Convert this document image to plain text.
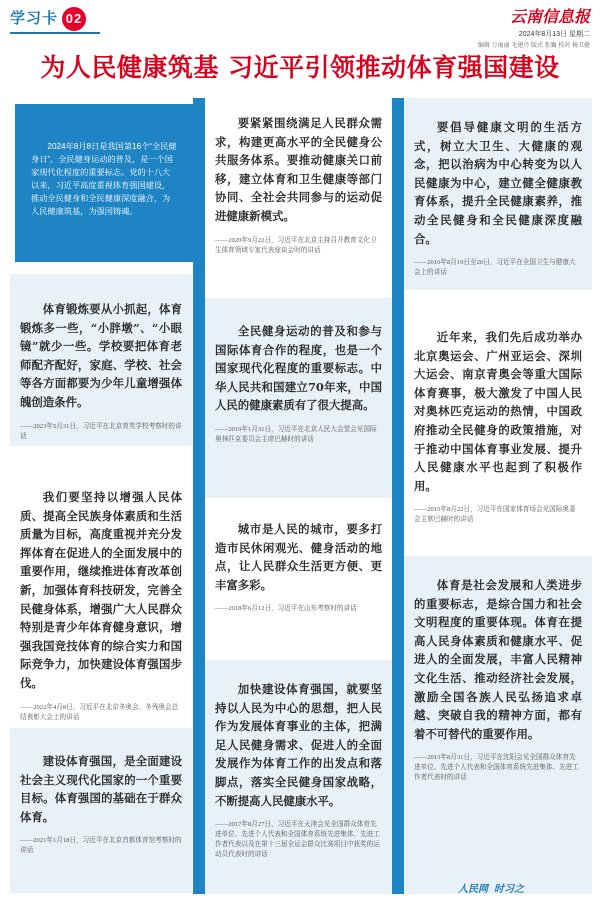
学习卡 02	云南信息报
2024年8月13日 星期二
编辑 万丽丽 毛建丹 版式 张巍 校对 杨卫健
为人民健康筑基 习近平引领推动体育强国建设
2024年8月8日是我国第16个“全民健身日”。全民健身运动的普及，是一个国家现代化程度的重要标志。党的十八大以来，习近平高度重视体育强国建设，推动全民健身和全民健康深度融合，为人民健康筑基，为强国铸魂。

体育锻炼要从小抓起，体育锻炼多一些，“小胖墩”、“小眼镜”就少一些。学校要把体育老师配齐配好，家庭、学校、社会等各方面都要为少年儿童增强体魄创造条件。

——2023年5月31日，习近平在北京育英学校考察时的讲话

我们要坚持以增强人民体质、提高全民族身体素质和生活质量为目标，高度重视并充分发挥体育在促进人的全面发展中的重要作用，继续推进体育改革创新，加强体育科技研发，完善全民健身体系，增强广大人民群众特别是青少年体育健身意识，增强我国竞技体育的综合实力和国际竞争力，加快建设体育强国步伐。

——2022年4月8日，习近平在北京冬奥会、冬残奥会总结表彰大会上的讲话

建设体育强国，是全面建设社会主义现代化国家的一个重要目标。体育强国的基础在于群众体育。

——2021年1月18日，习近平在北京首都体育馆考察时的讲话

要紧紧围绕满足人民群众需求，构建更高水平的全民健身公共服务体系。要推动健康关口前移，建立体育和卫生健康等部门协同、全社会共同参与的运动促进健康新模式。

——2020年9月22日，习近平在北京主持召开教育文化卫生体育领域专家代表座谈会时的讲话

全民健身运动的普及和参与国际体育合作的程度，也是一个国家现代化程度的重要标志。中华人民共和国建立70年来，中国人民的健康素质有了很大提高。

——2019年1月31日，习近平在北京人民大会堂会见国际奥林匹克委员会主席巴赫时的讲话

城市是人民的城市，要多打造市民休闲观光、健身活动的地点，让人民群众生活更方便、更丰富多彩。

——2018年6月12日，习近平在山东考察时的讲话

加快建设体育强国，就要坚持以人民为中心的思想，把人民作为发展体育事业的主体，把满足人民健身需求、促进人的全面发展作为体育工作的出发点和落脚点，落实全民健身国家战略，不断提高人民健康水平。

——2017年8月27日，习近平在天津会见全国群众体育先进单位、先进个人代表和全国体育系统先进集体、先进工作者代表以及在第十三届全运会群众比赛项目中获奖的运动员代表时的讲话

要倡导健康文明的生活方式，树立大卫生、大健康的观念，把以治病为中心转变为以人民健康为中心，建立健全健康教育体系，提升全民健康素养，推动全民健身和全民健康深度融合。

——2016年8月19日至20日，习近平在全国卫生与健康大会上的讲话

近年来，我们先后成功举办北京奥运会、广州亚运会、深圳大运会、南京青奥会等重大国际体育赛事，极大激发了中国人民对奥林匹克运动的热情，中国政府推动全民健身的政策措施，对于推动中国体育事业发展、提升人民健康水平也起到了积极作用。

——2015年8月22日，习近平在国家体育场会见国际奥委会主席巴赫时的讲话

体育是社会发展和人类进步的重要标志，是综合国力和社会文明程度的重要体现。体育在提高人民身体素质和健康水平、促进人的全面发展，丰富人民精神文化生活、推动经济社会发展，激励全国各族人民弘扬追求卓越、突破自我的精神方面，都有着不可替代的重要作用。

——2013年8月31日，习近平在沈阳会见全国群众体育先进单位、先进个人代表和全国体育系统先进集体、先进工作者代表时的讲话

人民网 时习之
